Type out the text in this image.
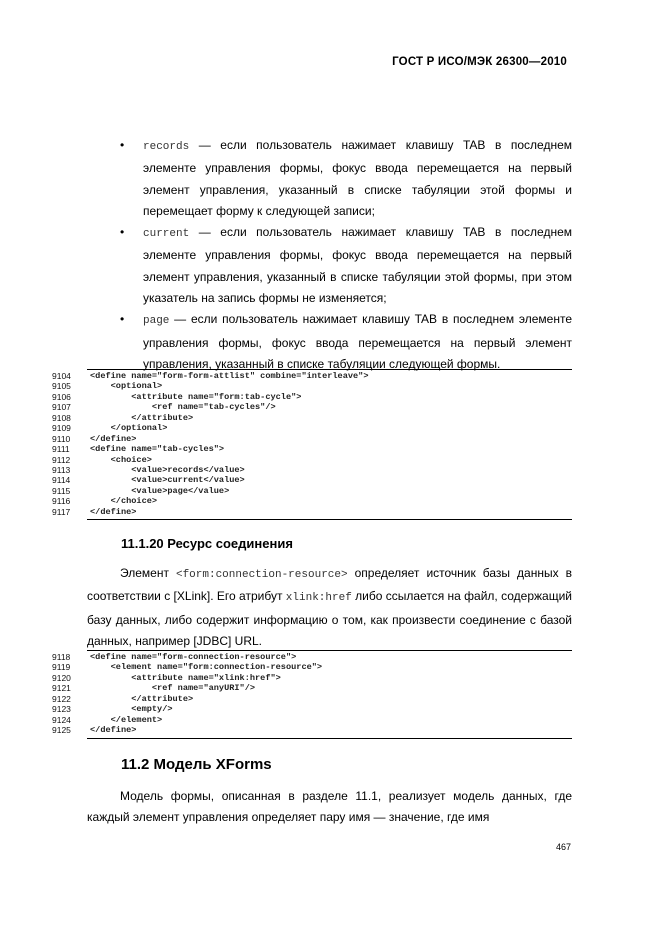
ГОСТ Р ИСО/МЭК 26300—2010
• records — если пользователь нажимает клавишу TAB в последнем элементе управления формы, фокус ввода перемещается на первый элемент управления, указанный в списке табуляции этой формы и перемещает форму к следующей записи;
• current — если пользователь нажимает клавишу TAB в последнем элементе управления формы, фокус ввода перемещается на первый элемент управления, указанный в списке табуляции этой формы, при этом указатель на запись формы не изменяется;
• page — если пользователь нажимает клавишу TAB в последнем элементе управления формы, фокус ввода перемещается на первый элемент управления, указанный в списке табуляции следующей формы.
9104	<define name="form-form-attlist" combine="interleave">
9105	<optional>
9106	<attribute name="form:tab-cycle">
9107	<ref name="tab-cycles"/>
9108	</attribute>
9109	</optional>
9110	</define>
9111	<define name="tab-cycles">
9112	<choice>
9113	<value>records</value>
9114	<value>current</value>
9115	<value>page</value>
9116	</choice>
9117	</define>
11.1.20 Ресурс соединения

Элемент <form:connection-resource> определяет источник базы данных в соответствии с [XLink]. Его атрибут xlink:href либо ссылается на файл, содержащий базу данных, либо содержит информацию о том, как произвести соединение с базой данных, например [JDBC] URL.

9118	<define name="form-connection-resource">
9119	<element name="form:connection-resource">
9120	<attribute name="xlink:href">
9121	<ref name="anyURI"/>
9122	</attribute>
9123	<empty/>
9124	</element>
9125	</define>
11.2 Модель XForms

Модель формы, описанная в разделе 11.1, реализует модель данных, где каждый элемент управления определяет пару имя — значение, где имя

467
